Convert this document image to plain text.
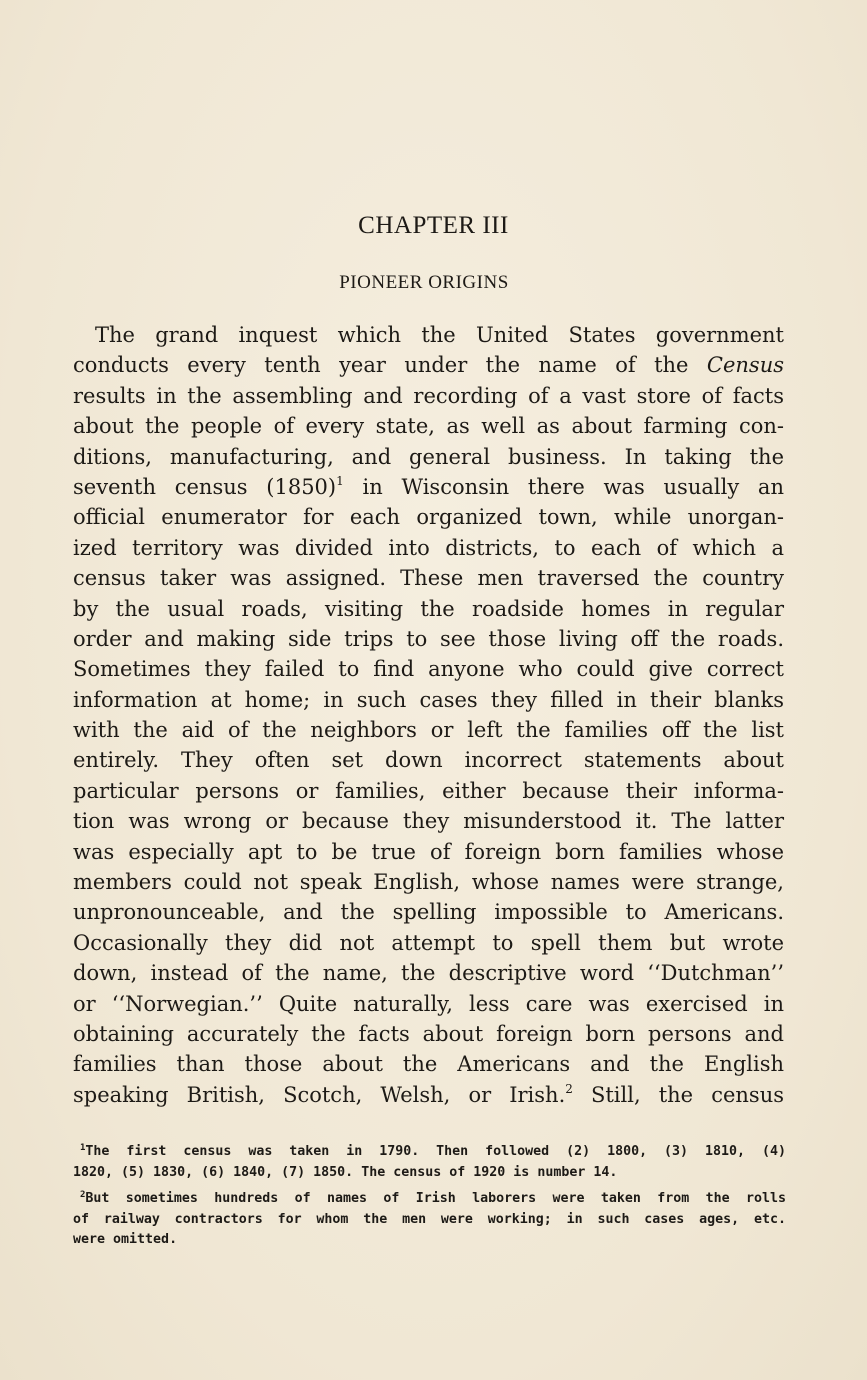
CHAPTER III
PIONEER ORIGINS
The grand inquest which the United States government
conducts every tenth year under the name of the Census
results in the assembling and recording of a vast store of facts
about the people of every state, as well as about farming con-
ditions, manufacturing, and general business. In taking the
seventh census $(1850)^1$ in Wisconsin there was usually an
official enumerator for each organized town, while unorgan-
ized territory was divided into districts, to each of which a
census taker was assigned. These men traversed the country
by the usual roads, visiting the roadside homes in regular
order and making side trips to see those living off the roads.
Sometimes they failed to find anyone who could give correct
information at home; in such cases they filled in their blanks
with the aid of the neighbors or left the families off the list
entirely. They often set down incorrect statements about
particular persons or families, either because their informa-
tion was wrong or because they misunderstood it. The latter
was especially apt to be true of foreign born families whose
members could not speak English, whose names were strange,
unpronounceable, and the spelling impossible to Americans.
Occasionally they did not attempt to spell them but wrote
down, instead of the name, the descriptive word ‘‘Dutchman’’
or ‘‘Norwegian.’’ Quite naturally, less care was exercised in
obtaining accurately the facts about foreign born persons and
families than those about the Americans and the English
speaking British, Scotch, Welsh, or Irish.$^2$ Still, the census
$^1$The first census was taken in 1790. Then followed (2) 1800, (3) 1810, (4)
1820, (5) 1830, (6) 1840, (7) 1850. The census of 1920 is number 14.
$^2$But sometimes hundreds of names of Irish laborers were taken from the rolls
of railway contractors for whom the men were working; in such cases ages, etc.
were omitted.
